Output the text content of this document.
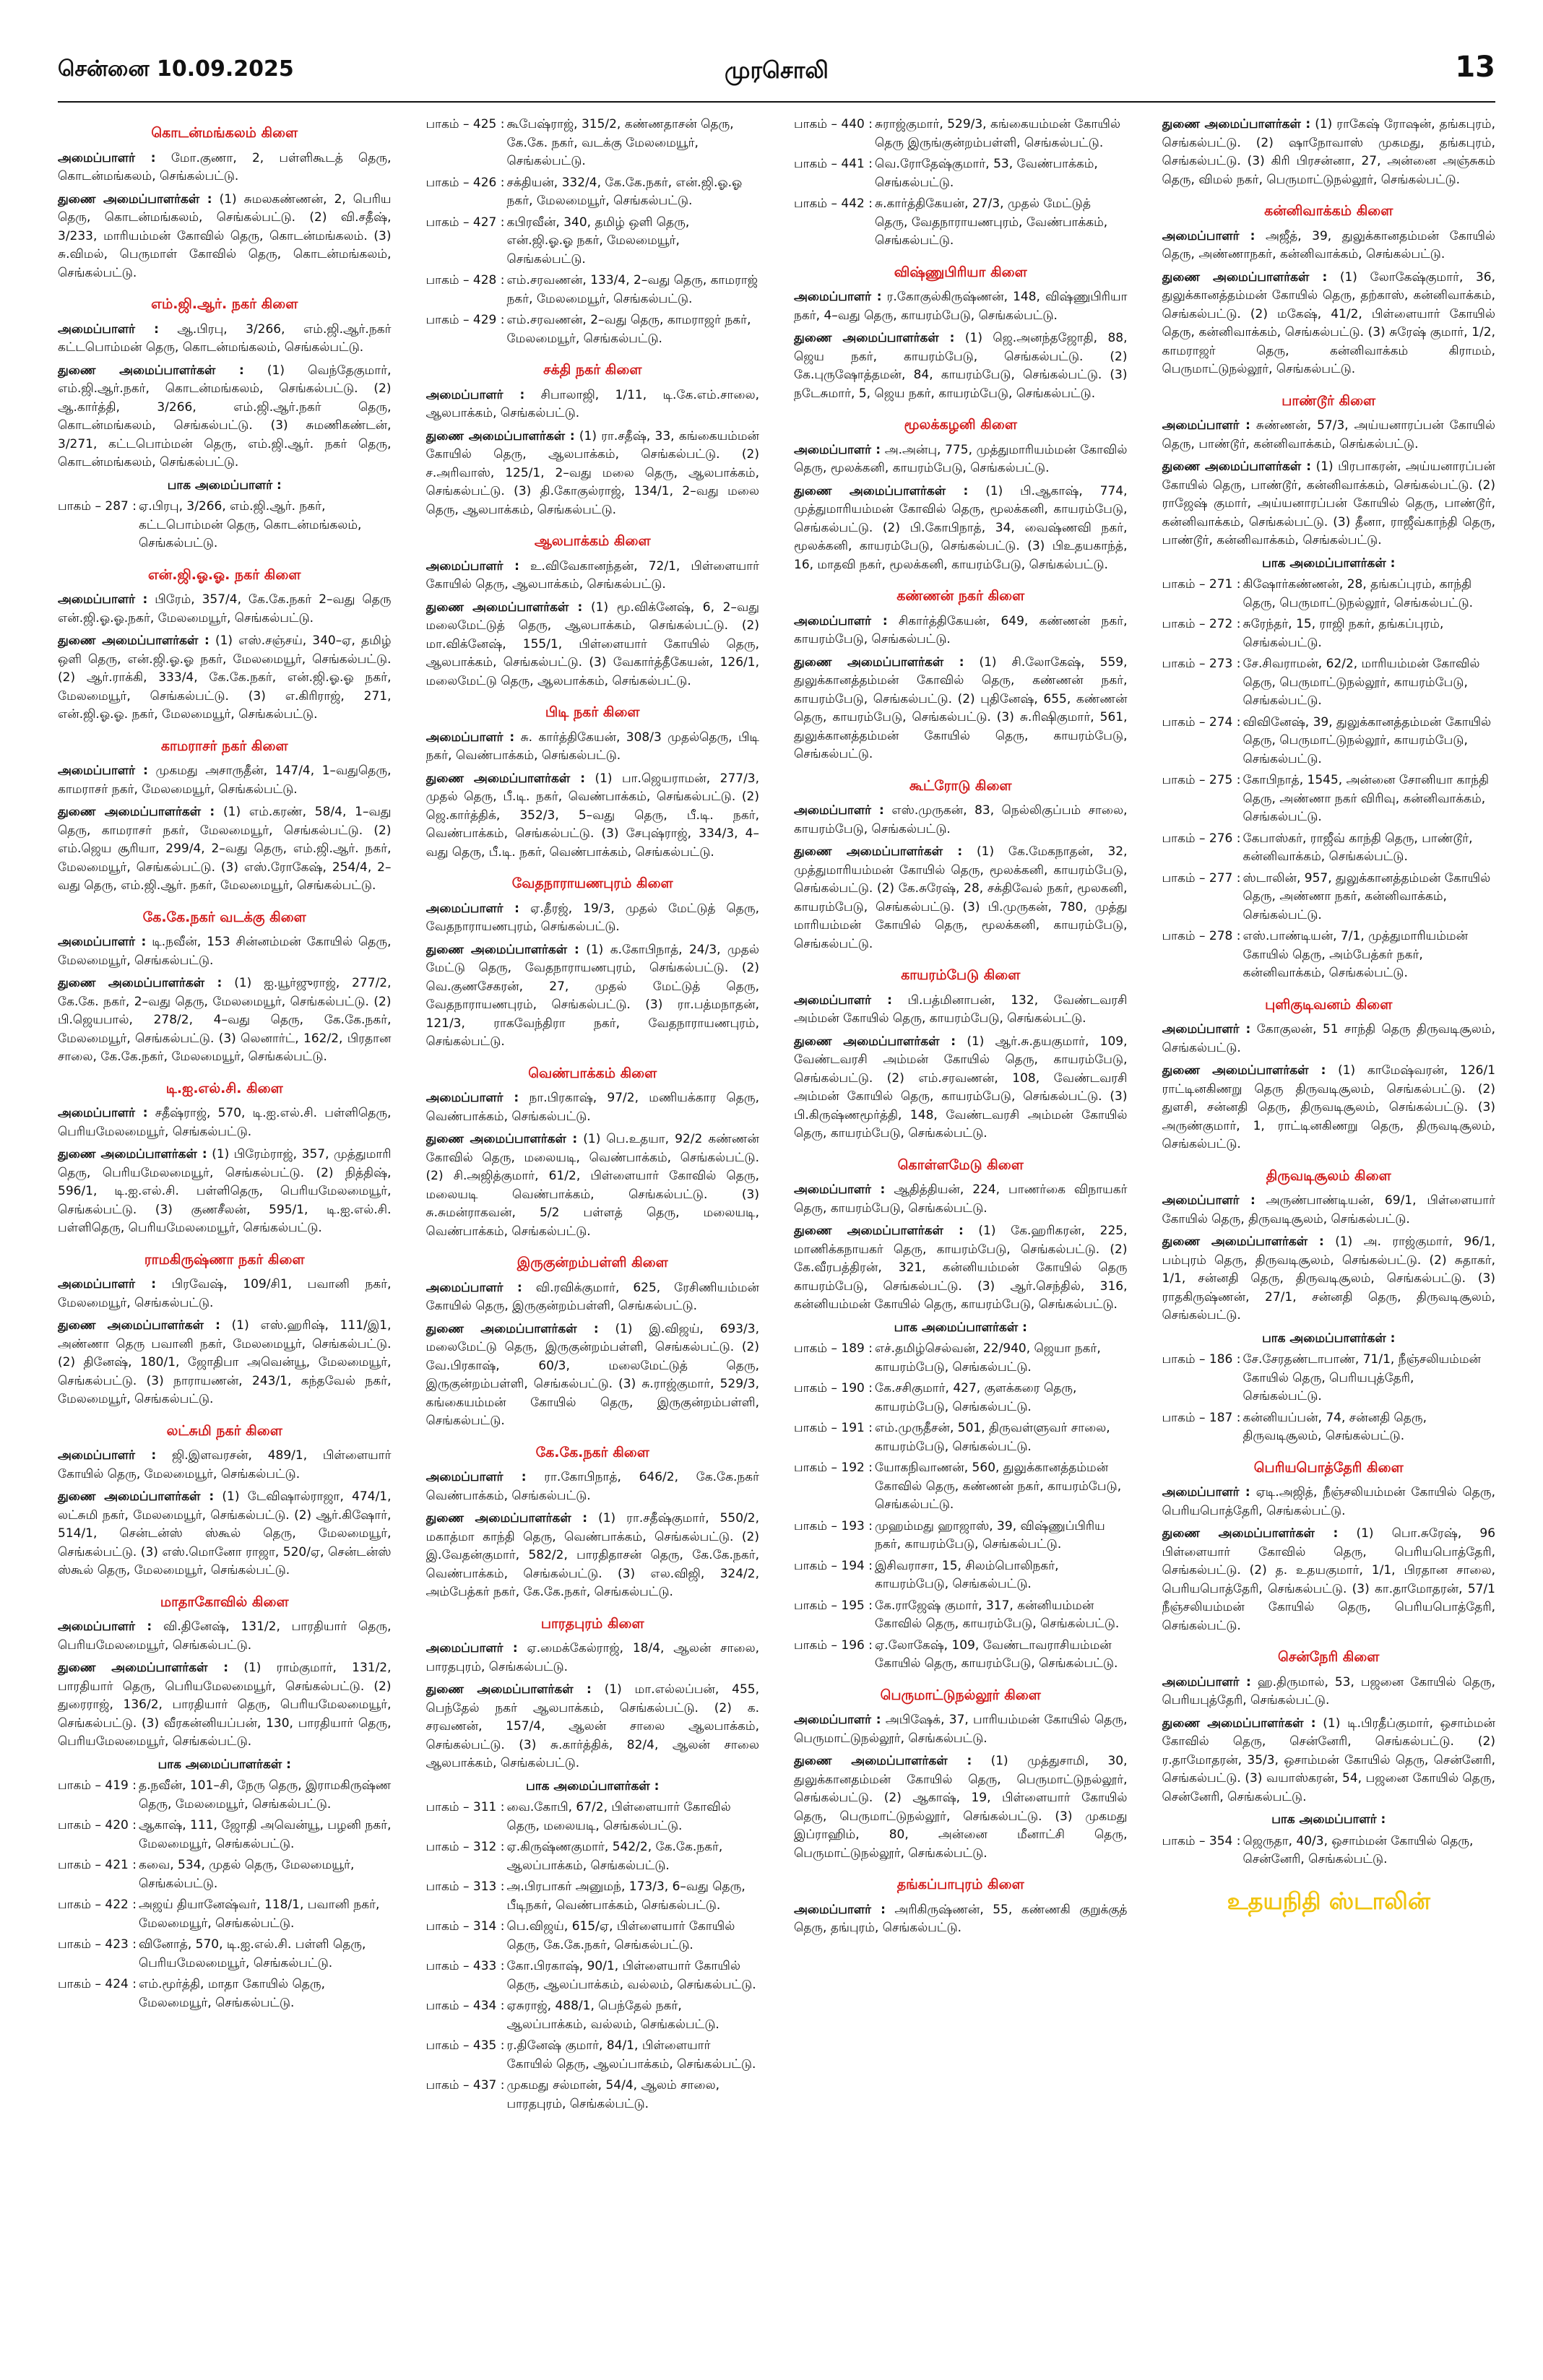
சென்னை 10.09.2025	முரசொலி	13
கொடன்மங்கலம் கிளை

அமைப்பாளர் : மோ.குணா, 2, பள்ளிகூடத் தெரு, கொடன்மங்கலம், செங்கல்பட்டு.

துணை அமைப்பாளர்கள் : (1) சுமலகண்ணன், 2, பெரிய தெரு, கொடன்மங்கலம், செங்கல்பட்டு. (2) வி.சதீஷ், 3/233, மாரியம்மன் கோவில் தெரு, கொடன்மங்கலம். (3) சு.விமல், பெருமாள் கோவில் தெரு, கொடன்மங்கலம், செங்கல்பட்டு.

எம்.ஜி.ஆர். நகர் கிளை

அமைப்பாளர் : ஆ.பிரபு, 3/266, எம்.ஜி.ஆர்.நகர் கட்டபொம்மன் தெரு, கொடன்மங்கலம், செங்கல்பட்டு.

துணை அமைப்பாளர்கள் : (1) வெந்தேகுமார், எம்.ஜி.ஆர்.நகர், கொடன்மங்கலம், செங்கல்பட்டு. (2) ஆ.கார்த்தி, 3/266, எம்.ஜி.ஆர்.நகர் தெரு, கொடன்மங்கலம், செங்கல்பட்டு. (3) சுமணிகண்டன், 3/271, கட்டபொம்மன் தெரு, எம்.ஜி.ஆர். நகர் தெரு, கொடன்மங்கலம், செங்கல்பட்டு.

பாக அமைப்பாளர் :
பாகம் – 287 : ஏ.பிரபு, 3/266, எம்.ஜி.ஆர். நகர், கட்டபொம்மன் தெரு, கொடன்மங்கலம், செங்கல்பட்டு.
என்.ஜி.ஓ.ஓ. நகர் கிளை

அமைப்பாளர் : பிரேம், 357/4, கே.கே.நகர் 2–வது தெரு என்.ஜி.ஓ.ஓ.நகர், மேலமையூர், செங்கல்பட்டு.

துணை அமைப்பாளர்கள் : (1) எஸ்.சஞ்சய், 340–ஏ, தமிழ் ஒளி தெரு, என்.ஜி.ஓ.ஓ நகர், மேலமையூர், செங்கல்பட்டு. (2) ஆர்.ராக்கி, 333/4, கே.கே.நகர், என்.ஜி.ஓ.ஓ நகர், மேலமையூர், செங்கல்பட்டு. (3) எ.கிரிராஜ், 271, என்.ஜி.ஓ.ஓ. நகர், மேலமையூர், செங்கல்பட்டு.

காமராசர் நகர் கிளை

அமைப்பாளர் : முகமது அசாருதீன், 147/4, 1–வதுதெரு, காமராசர் நகர், மேலமையூர், செங்கல்பட்டு.

துணை அமைப்பாளர்கள் : (1) எம்.கரண், 58/4, 1–வது தெரு, காமராசர் நகர், மேலமையூர், செங்கல்பட்டு. (2) எம்.ஜெய சூரியா, 299/4, 2–வது தெரு, எம்.ஜி.ஆர். நகர், மேலமையூர், செங்கல்பட்டு. (3) எஸ்.ரோகேஷ், 254/4, 2–வது தெரு, எம்.ஜி.ஆர். நகர், மேலமையூர், செங்கல்பட்டு.

கே.கே.நகர் வடக்கு கிளை

அமைப்பாளர் : டி.நவீன், 153 சின்னம்மன் கோயில் தெரு, மேலமையூர், செங்கல்பட்டு.

துணை அமைப்பாளர்கள் : (1) ஐ.யூர்ஜுராஜ், 277/2, கே.கே. நகர், 2–வது தெரு, மேலமையூர், செங்கல்பட்டு. (2) பி.ஜெயபால், 278/2, 4–வது தெரு, கே.கே.நகர், மேலமையூர், செங்கல்பட்டு. (3) லெனார்ட், 162/2, பிரதான சாலை, கே.கே.நகர், மேலமையூர், செங்கல்பட்டு.

டி.ஐ.எல்.சி. கிளை

அமைப்பாளர் : சதீஷ்ராஜ், 570, டி.ஐ.எல்.சி. பள்ளிதெரு, பெரியமேலமையூர், செங்கல்பட்டு.

துணை அமைப்பாளர்கள் : (1) பிரேம்ராஜ், 357, முத்துமாரி தெரு, பெரியமேலமையூர், செங்கல்பட்டு. (2) நித்திஷ், 596/1, டி.ஐ.எல்.சி. பள்ளிதெரு, பெரியமேலமையூர், செங்கல்பட்டு. (3) குணசீலன், 595/1, டி.ஐ.எல்.சி. பள்ளிதெரு, பெரியமேலமையூர், செங்கல்பட்டு.

ராமகிருஷ்ணா நகர் கிளை

அமைப்பாளர் : பிரவேஷ், 109/சி1, பவானி நகர், மேலமையூர், செங்கல்பட்டு.

துணை அமைப்பாளர்கள் : (1) எஸ்.ஹரிஷ், 111/இ1, அண்ணா தெரு பவானி நகர், மேலமையூர், செங்கல்பட்டு. (2) தினேஷ், 180/1, ஜோதிபா அவென்யூ, மேலமையூர், செங்கல்பட்டு. (3) நாராயணன், 243/1, கந்தவேல் நகர், மேலமையூர், செங்கல்பட்டு.

லட்சுமி நகர் கிளை

அமைப்பாளர் : ஜி.இளவரசன், 489/1, பிள்ளையார் கோயில் தெரு, மேலமையூர், செங்கல்பட்டு.

துணை அமைப்பாளர்கள் : (1) டேவிஷால்ராஜா, 474/1, லட்சுமி நகர், மேலமையூர், செங்கல்பட்டு. (2) ஆர்.கிஷோர், 514/1, சென்டன்ஸ் ஸ்கூல் தெரு, மேலமையூர், செங்கல்பட்டு. (3) எஸ்.மொனோ ராஜா, 520/ஏ, சென்டன்ஸ் ஸ்கூல் தெரு, மேலமையூர், செங்கல்பட்டு.

மாதாகோவில் கிளை

அமைப்பாளர் : வி.தினேஷ், 131/2, பாரதியார் தெரு, பெரியமேலமையூர், செங்கல்பட்டு.

துணை அமைப்பாளர்கள் : (1) ராம்குமார், 131/2, பாரதியார் தெரு, பெரியமேலமையூர், செங்கல்பட்டு. (2) துரைராஜ், 136/2, பாரதியார் தெரு, பெரியமேலமையூர், செங்கல்பட்டு. (3) வீரகன்னியப்பன், 130, பாரதியார் தெரு, பெரியமேலமையூர், செங்கல்பட்டு.

பாக அமைப்பாளர்கள் :
பாகம் – 419 : த.நவீன், 101–சி, நேரு தெரு, இராமகிருஷ்ண தெரு, மேலமையூர், செங்கல்பட்டு.
பாகம் – 420 : ஆகாஷ், 111, ஜோதி அவென்யூ, பழனி நகர், மேலமையூர், செங்கல்பட்டு.
பாகம் – 421 : கவை, 534, முதல் தெரு, மேலமையூர், செங்கல்பட்டு.
பாகம் – 422 : அஜய் தியானேஷ்வர், 118/1, பவானி நகர், மேலமையூர், செங்கல்பட்டு.
பாகம் – 423 : வினோத், 570, டி.ஐ.எல்.சி. பள்ளி தெரு, பெரியமேலமையூர், செங்கல்பட்டு.
பாகம் – 424 : எம்.மூர்த்தி, மாதா கோயில் தெரு, மேலமையூர், செங்கல்பட்டு.
பாகம் – 425 : கூபேஷ்ராஜ், 315/2, கண்ணதாசன் தெரு, கே.கே. நகர், வடக்கு மேலமையூர், செங்கல்பட்டு.
பாகம் – 426 : சக்தியன், 332/4, கே.கே.நகர், என்.ஜி.ஓ.ஓ நகர், மேலமையூர், செங்கல்பட்டு.
பாகம் – 427 : கபிரவீன், 340, தமிழ் ஒளி தெரு, என்.ஜி.ஓ.ஓ நகர், மேலமையூர், செங்கல்பட்டு.
பாகம் – 428 : எம்.சரவணன், 133/4, 2–வது தெரு, காமராஜ் நகர், மேலமையூர், செங்கல்பட்டு.
பாகம் – 429 : எம்.சரவணன், 2–வது தெரு, காமராஜர் நகர், மேலமையூர், செங்கல்பட்டு.
சக்தி நகர் கிளை

அமைப்பாளர் : சிபாலாஜி, 1/11, டி.கே.எம்.சாலை, ஆலபாக்கம், செங்கல்பட்டு.

துணை அமைப்பாளர்கள் : (1) ரா.சதீஷ், 33, கங்கையம்மன் கோயில் தெரு, ஆலபாக்கம், செங்கல்பட்டு. (2) ச.அரிவாஸ், 125/1, 2–வது மலை தெரு, ஆலபாக்கம், செங்கல்பட்டு. (3) தி.கோகுல்ராஜ், 134/1, 2–வது மலை தெரு, ஆலபாக்கம், செங்கல்பட்டு.

ஆலபாக்கம் கிளை

அமைப்பாளர் : உ.விவேகானந்தன், 72/1, பிள்ளையார் கோயில் தெரு, ஆலபாக்கம், செங்கல்பட்டு.

துணை அமைப்பாளர்கள் : (1) மூ.விக்னேஷ், 6, 2–வது மலைமேட்டுத் தெரு, ஆலபாக்கம், செங்கல்பட்டு. (2) மா.விக்னேஷ், 155/1, பிள்ளையார் கோயில் தெரு, ஆலபாக்கம், செங்கல்பட்டு. (3) வேகார்த்தீகேயன், 126/1, மலைமேட்டு தெரு, ஆலபாக்கம், செங்கல்பட்டு.

பிடி நகர் கிளை

அமைப்பாளர் : சு. கார்த்திகேயன், 308/3 முதல்தெரு, பிடி நகர், வெண்பாக்கம், செங்கல்பட்டு.

துணை அமைப்பாளர்கள் : (1) பா.ஜெயராமன், 277/3, முதல் தெரு, பீ.டி. நகர், வெண்பாக்கம், செங்கல்பட்டு. (2) ஜெ.கார்த்திக், 352/3, 5–வது தெரு, பீ.டி. நகர், வெண்பாக்கம், செங்கல்பட்டு. (3) சேபுஷ்ராஜ், 334/3, 4–வது தெரு, பீ.டி. நகர், வெண்பாக்கம், செங்கல்பட்டு.

வேதநாராயணபுரம் கிளை

அமைப்பாளர் : ஏ.தீரஜ், 19/3, முதல் மேட்டுத் தெரு, வேதநாராயணபுரம், செங்கல்பட்டு.

துணை அமைப்பாளர்கள் : (1) க.கோபிநாத், 24/3, முதல் மேட்டு தெரு, வேதநாராயணபுரம், செங்கல்பட்டு. (2) வெ.குணசேகரன், 27, முதல் மேட்டுத் தெரு, வேதநாராயணபுரம், செங்கல்பட்டு. (3) ரா.பத்மநாதன், 121/3, ராகவேந்திரா நகர், வேதநாராயணபுரம், செங்கல்பட்டு.

வெண்பாக்கம் கிளை

அமைப்பாளர் : நா.பிரகாஷ், 97/2, மணியக்கார தெரு, வெண்பாக்கம், செங்கல்பட்டு.

துணை அமைப்பாளர்கள் : (1) பெ.உதயா, 92/2 கண்ணன் கோவில் தெரு, மலையடி, வெண்பாக்கம், செங்கல்பட்டு. (2) சி.அஜித்குமார், 61/2, பிள்ளையார் கோவில் தெரு, மலையடி வெண்பாக்கம், செங்கல்பட்டு. (3) சு.சுமன்ராகவன், 5/2 பள்ளத் தெரு, மலையடி, வெண்பாக்கம், செங்கல்பட்டு.

இருகுன்றம்பள்ளி கிளை

அமைப்பாளர் : வி.ரவிக்குமார், 625, ரேசிணியம்மன் கோயில் தெரு, இருகுன்றம்பள்ளி, செங்கல்பட்டு.

துணை அமைப்பாளர்கள் : (1) இ.விஜய், 693/3, மலைமேட்டு தெரு, இருகுன்றம்பள்ளி, செங்கல்பட்டு. (2) வே.பிரகாஷ், 60/3, மலைமேட்டுத் தெரு, இருகுன்றம்பள்ளி, செங்கல்பட்டு. (3) சு.ராஜ்குமார், 529/3, கங்கையம்மன் கோயில் தெரு, இருகுன்றம்பள்ளி, செங்கல்பட்டு.

கே.கே.நகர் கிளை

அமைப்பாளர் : ரா.கோபிநாத், 646/2, கே.கே.நகர் வெண்பாக்கம், செங்கல்பட்டு.

துணை அமைப்பாளர்கள் : (1) ரா.சதீஷ்குமார், 550/2, மகாத்மா காந்தி தெரு, வெண்பாக்கம், செங்கல்பட்டு. (2) இ.வேதன்குமார், 582/2, பாரதிதாசன் தெரு, கே.கே.நகர், வெண்பாக்கம், செங்கல்பட்டு. (3) எல.விஜி, 324/2, அம்பேத்கர் நகர், கே.கே.நகர், செங்கல்பட்டு.

பாரதபுரம் கிளை

அமைப்பாளர் : ஏ.மைக்கேல்ராஜ், 18/4, ஆலன் சாலை, பாரதபுரம், செங்கல்பட்டு.

துணை அமைப்பாளர்கள் : (1) மா.எல்லப்பன், 455, பெந்தேல் நகர் ஆலபாக்கம், செங்கல்பட்டு. (2) க. சரவணன், 157/4, ஆலன் சாலை ஆலபாக்கம், செங்கல்பட்டு. (3) சு.கார்த்திக், 82/4, ஆலன் சாலை ஆலபாக்கம், செங்கல்பட்டு.

பாக அமைப்பாளர்கள் :
பாகம் – 311 : வை.கோபி, 67/2, பிள்ளையார் கோவில் தெரு, மலையடி, செங்கல்பட்டு.
பாகம் – 312 : ஏ.கிருஷ்ணகுமார், 542/2, கே.கே.நகர், ஆலப்பாக்கம், செங்கல்பட்டு.
பாகம் – 313 : அ.பிரபாகர் அனுமந், 173/3, 6–வது தெரு, பீடிநகர், வெண்பாக்கம், செங்கல்பட்டு.
பாகம் – 314 : பெ.விஜய், 615/ஏ, பிள்ளையார் கோயில் தெரு, கே.கே.நகர், செங்கல்பட்டு.
பாகம் – 433 : கோ.பிரகாஷ், 90/1, பிள்ளையார் கோயில் தெரு, ஆலப்பாக்கம், வல்லம், செங்கல்பட்டு.
பாகம் – 434 : ஏசுராஜ், 488/1, பெந்தேல் நகர், ஆலப்பாக்கம், வல்லம், செங்கல்பட்டு.
பாகம் – 435 : ர.தினேஷ் குமார், 84/1, பிள்ளையார் கோயில் தெரு, ஆலப்பாக்கம், செங்கல்பட்டு.
பாகம் – 437 : முகமது சல்மான், 54/4, ஆலம் சாலை, பாரதபுரம், செங்கல்பட்டு.
பாகம் – 440 : சுராஜ்குமார், 529/3, கங்கையம்மன் கோயில் தெரு இருங்குன்றம்பள்ளி, செங்கல்பட்டு.
பாகம் – 441 : வெ.ரோதேஷ்குமார், 53, வேண்பாக்கம், செங்கல்பட்டு.
பாகம் – 442 : சு.கார்த்திகேயன், 27/3, முதல் மேட்டுத் தெரு, வேதநாராயணபுரம், வேண்பாக்கம், செங்கல்பட்டு.
விஷ்ணுபிரியா கிளை

அமைப்பாளர் : ர.கோகுல்கிருஷ்ணன், 148, விஷ்ணுபிரியா நகர், 4–வது தெரு, காயரம்பேடு, செங்கல்பட்டு.

துணை அமைப்பாளர்கள் : (1) ஜெ.அனந்தஜோதி, 88, ஜெய நகர், காயரம்பேடு, செங்கல்பட்டு. (2) கே.புருஷோத்தமன், 84, காயரம்பேடு, செங்கல்பட்டு. (3) நடேசுமார், 5, ஜெய நகர், காயரம்பேடு, செங்கல்பட்டு.

மூலக்கழனி கிளை

அமைப்பாளர் : அ.அன்பு, 775, முத்துமாரியம்மன் கோவில் தெரு, மூலக்கனி, காயரம்பேடு, செங்கல்பட்டு.

துணை அமைப்பாளர்கள் : (1) பி.ஆகாஷ், 774, முத்துமாரியம்மன் கோவில் தெரு, மூலக்கனி, காயரம்பேடு, செங்கல்பட்டு. (2) பி.கோபிநாத், 34, வைஷ்ணவி நகர், மூலக்கனி, காயரம்பேடு, செங்கல்பட்டு. (3) பிஉதயகாந்த், 16, மாதவி நகர், மூலக்கனி, காயரம்பேடு, செங்கல்பட்டு.

கண்ணன் நகர் கிளை

அமைப்பாளர் : சிகார்த்திகேயன், 649, கண்ணன் நகர், காயரம்பேடு, செங்கல்பட்டு.

துணை அமைப்பாளர்கள் : (1) சி.லோகேஷ், 559, துலுக்கானத்தம்மன் கோவில் தெரு, கண்ணன் நகர், காயரம்பேடு, செங்கல்பட்டு. (2) புதினேஷ், 655, கண்ணன் தெரு, காயரம்பேடு, செங்கல்பட்டு. (3) சு.ரிஷிகுமார், 561, துலுக்கானத்தம்மன் கோயில் தெரு, காயரம்பேடு, செங்கல்பட்டு.

கூட்ரோடு கிளை

அமைப்பாளர் : எஸ்.முருகன், 83, நெல்லிகுப்பம் சாலை, காயரம்பேடு, செங்கல்பட்டு.

துணை அமைப்பாளர்கள் : (1) கே.மேகநாதன், 32, முத்துமாரியம்மன் கோயில் தெரு, மூலக்கனி, காயரம்பேடு, செங்கல்பட்டு. (2) கே.சுரேஷ், 28, சக்திவேல் நகர், மூலகனி, காயரம்பேடு, செங்கல்பட்டு. (3) பி.முருகன், 780, முத்து மாரியம்மன் கோயில் தெரு, மூலக்கனி, காயரம்பேடு, செங்கல்பட்டு.

காயரம்பேடு கிளை

அமைப்பாளர் : பி.பத்மினாபன், 132, வேண்டவரசி அம்மன் கோயில் தெரு, காயரம்பேடு, செங்கல்பட்டு.

துணை அமைப்பாளர்கள் : (1) ஆர்.சு.தயகுமார், 109, வேண்டவரசி அம்மன் கோயில் தெரு, காயரம்பேடு, செங்கல்பட்டு. (2) எம்.சரவணன், 108, வேண்டவரசி அம்மன் கோயில் தெரு, காயரம்பேடு, செங்கல்பட்டு. (3) பி.கிருஷ்ணமூர்த்தி, 148, வேண்டவரசி அம்மன் கோயில் தெரு, காயரம்பேடு, செங்கல்பட்டு.

கொள்ளமேடு கிளை

அமைப்பாளர் : ஆதித்தியன், 224, பாணர்கை விநாயகர் தெரு, காயரம்பேடு, செங்கல்பட்டு.

துணை அமைப்பாளர்கள் : (1) கே.ஹரிகரன், 225, மாணிக்கநாயகர் தெரு, காயரம்பேடு, செங்கல்பட்டு. (2) கே.வீரபத்திரன், 321, கன்னியம்மன் கோயில் தெரு காயரம்பேடு, செங்கல்பட்டு. (3) ஆர்.செந்தில், 316, கன்னியம்மன் கோயில் தெரு, காயரம்பேடு, செங்கல்பட்டு.

பாக அமைப்பாளர்கள் :
பாகம் – 189 : எச்.தமிழ்செல்வன், 22/940, ஜெயா நகர், காயரம்பேடு, செங்கல்பட்டு.
பாகம் – 190 : கே.சசிகுமார், 427, குளக்கரை தெரு, காயரம்பேடு, செங்கல்பட்டு.
பாகம் – 191 : எம்.முருதீசன், 501, திருவள்ளுவர் சாலை, காயரம்பேடு, செங்கல்பட்டு.
பாகம் – 192 : யோகநிவாணன், 560, துலுக்கானத்தம்மன் கோவில் தெரு, கண்ணன் நகர், காயரம்பேடு, செங்கல்பட்டு.
பாகம் – 193 : முஹம்மது ஹாஜாஸ், 39, விஷ்ணுப்பிரிய நகர், காயரம்பேடு, செங்கல்பட்டு.
பாகம் – 194 : இசிவராசா, 15, சிலம்பொலிநகர், காயரம்பேடு, செங்கல்பட்டு.
பாகம் – 195 : கே.ராஜேஷ் குமார், 317, கன்னியம்மன் கோவில் தெரு, காயரம்பேடு, செங்கல்பட்டு.
பாகம் – 196 : ஏ.லோகேஷ், 109, வேண்டாவராசியம்மன் கோயில் தெரு, காயரம்பேடு, செங்கல்பட்டு.
பெருமாட்டுநல்லூர் கிளை

அமைப்பாளர் : அபிஷேக், 37, பாரியம்மன் கோயில் தெரு, பெருமாட்டுநல்லூர், செங்கல்பட்டு.

துணை அமைப்பாளர்கள் : (1) முத்துசாமி, 30, துலுக்கானதம்மன் கோயில் தெரு, பெருமாட்டுநல்லூர், செங்கல்பட்டு. (2) ஆகாஷ், 19, பிள்ளையார் கோயில் தெரு, பெருமாட்டுநல்லூர், செங்கல்பட்டு. (3) முகமது இப்ராஹிம், 80, அன்னை மீனாட்சி தெரு, பெருமாட்டுநல்லூர், செங்கல்பட்டு.

தங்கப்பாபுரம் கிளை

அமைப்பாளர் : அரிகிருஷ்ணன், 55, கண்ணகி குறுக்குத் தெரு, தங்புரம், செங்கல்பட்டு.

துணை அமைப்பாளர்கள் : (1) ராகேஷ் ரோஷன், தங்கபுரம், செங்கல்பட்டு. (2) ஷாநோவாஸ் முகமது, தங்கபுரம், செங்கல்பட்டு. (3) கிரி பிரசன்னா, 27, அன்னை அஞ்சுகம் தெரு, விமல் நகர், பெருமாட்டுநல்லூர், செங்கல்பட்டு.

கன்னிவாக்கம் கிளை

அமைப்பாளர் : அஜீத், 39, துலுக்கானதம்மன் கோயில் தெரு, அண்ணாநகர், கன்னிவாக்கம், செங்கல்பட்டு.

துணை அமைப்பாளர்கள் : (1) லோகேஷ்குமார், 36, துலுக்கானத்தம்மன் கோயில் தெரு, தற்காஸ், கன்னிவாக்கம், செங்கல்பட்டு. (2) மகேஷ், 41/2, பிள்ளையார் கோயில் தெரு, கன்னிவாக்கம், செங்கல்பட்டு. (3) சுரேஷ் குமார், 1/2, காமராஜர் தெரு, கன்னிவாக்கம் கிராமம், பெருமாட்டுநல்லூர், செங்கல்பட்டு.

பாண்டூர் கிளை

அமைப்பாளர் : சுண்ணன், 57/3, அய்யனாரப்பன் கோயில் தெரு, பாண்டூர், கன்னிவாக்கம், செங்கல்பட்டு.

துணை அமைப்பாளர்கள் : (1) பிரபாகரன், அய்யனாரப்பன் கோயில் தெரு, பாண்டூர், கன்னிவாக்கம், செங்கல்பட்டு. (2) ராஜேஷ் குமார், அய்யனாரப்பன் கோயில் தெரு, பாண்டூர், கன்னிவாக்கம், செங்கல்பட்டு. (3) தீனா, ராஜீவ்காந்தி தெரு, பாண்டூர், கன்னிவாக்கம், செங்கல்பட்டு.

பாக அமைப்பாளர்கள் :
பாகம் – 271 : கிஷோர்கண்ணன், 28, தங்கப்புரம், காந்தி தெரு, பெருமாட்டுநல்லூர், செங்கல்பட்டு.
பாகம் – 272 : சுரேந்தர், 15, ராஜி நகர், தங்கப்புரம், செங்கல்பட்டு.
பாகம் – 273 : சே.சிவராமன், 62/2, மாரியம்மன் கோவில் தெரு, பெருமாட்டுநல்லூர், காயரம்பேடு, செங்கல்பட்டு.
பாகம் – 274 : விவினேஷ், 39, துலுக்கானத்தம்மன் கோயில் தெரு, பெருமாட்டுநல்லூர், காயரம்பேடு, செங்கல்பட்டு.
பாகம் – 275 : கோபிநாத், 1545, அன்னை சோனியா காந்தி தெரு, அண்ணா நகர் விரிவு, கன்னிவாக்கம், செங்கல்பட்டு.
பாகம் – 276 : கேபாஸ்கர், ராஜீவ் காந்தி தெரு, பாண்டூர், கன்னிவாக்கம், செங்கல்பட்டு.
பாகம் – 277 : ஸ்டாலின், 957, துலுக்கானத்தம்மன் கோயில் தெரு, அண்ணா நகர், கன்னிவாக்கம், செங்கல்பட்டு.
பாகம் – 278 : எஸ்.பாண்டியன், 7/1, முத்துமாரியம்மன் கோயில் தெரு, அம்பேத்கர் நகர், கன்னிவாக்கம், செங்கல்பட்டு.
புளிகுடிவனம் கிளை

அமைப்பாளர் : கோகுலன், 51 சாந்தி தெரு திருவடிசூலம், செங்கல்பட்டு.

துணை அமைப்பாளர்கள் : (1) காமேஷ்வரன், 126/1 ராட்டினகிணறு தெரு திருவடிசூலம், செங்கல்பட்டு. (2) துளசி, சன்னதி தெரு, திருவடிசூலம், செங்கல்பட்டு. (3) அருண்குமார், 1, ராட்டினகிணறு தெரு, திருவடிசூலம், செங்கல்பட்டு.

திருவடிசூலம் கிளை

அமைப்பாளர் : அருண்பாண்டியன், 69/1, பிள்ளையார் கோயில் தெரு, திருவடிசூலம், செங்கல்பட்டு.

துணை அமைப்பாளர்கள் : (1) அ. ராஜ்குமார், 96/1, பம்புரம் தெரு, திருவடிசூலம், செங்கல்பட்டு. (2) சுதாகர், 1/1, சன்னதி தெரு, திருவடிசூலம், செங்கல்பட்டு. (3) ராதகிருஷ்ணன், 27/1, சன்னதி தெரு, திருவடிசூலம், செங்கல்பட்டு.

பாக அமைப்பாளர்கள் :
பாகம் – 186 : சே.சேரதண்டாபாண், 71/1, நீஞ்சலியம்மன் கோயில் தெரு, பெரியபுத்தேரி, செங்கல்பட்டு.
பாகம் – 187 : கன்னியப்பன், 74, சன்னதி தெரு, திருவடிசூலம், செங்கல்பட்டு.
பெரியபொத்தேரி கிளை

அமைப்பாளர் : ஏடி.அஜித், நீஞ்சலியம்மன் கோயில் தெரு, பெரியபொத்தேரி, செங்கல்பட்டு.

துணை அமைப்பாளர்கள் : (1) பொ.சுரேஷ், 96 பிள்ளையார் கோவில் தெரு, பெரியபொத்தேரி, செங்கல்பட்டு. (2) த. உதயகுமார், 1/1, பிரதான சாலை, பெரியபொத்தேரி, செங்கல்பட்டு. (3) கா.தாமோதரன், 57/1 நீஞ்சலியம்மன் கோயில் தெரு, பெரியபொத்தேரி, செங்கல்பட்டு.

சென்நேரி கிளை

அமைப்பாளர் : ஹ.திருமால், 53, பஜனை கோயில் தெரு, பெரியபுத்தேரி, செங்கல்பட்டு.

துணை அமைப்பாளர்கள் : (1) டி.பிரதீப்குமார், ஒசாம்மன் கோவில் தெரு, சென்னேரி, செங்கல்பட்டு. (2) ர.தாமோதரன், 35/3, ஒசாம்மன் கோயில் தெரு, சென்னேரி, செங்கல்பட்டு. (3) வயாஸ்கரன், 54, பஜனை கோயில் தெரு, சென்னேரி, செங்கல்பட்டு.

பாக அமைப்பாளர் :
பாகம் – 354 : ஜெருதா, 40/3, ஒசாம்மன் கோயில் தெரு, சென்னேரி, செங்கல்பட்டு.
உதயநிதி ஸ்டாலின்
